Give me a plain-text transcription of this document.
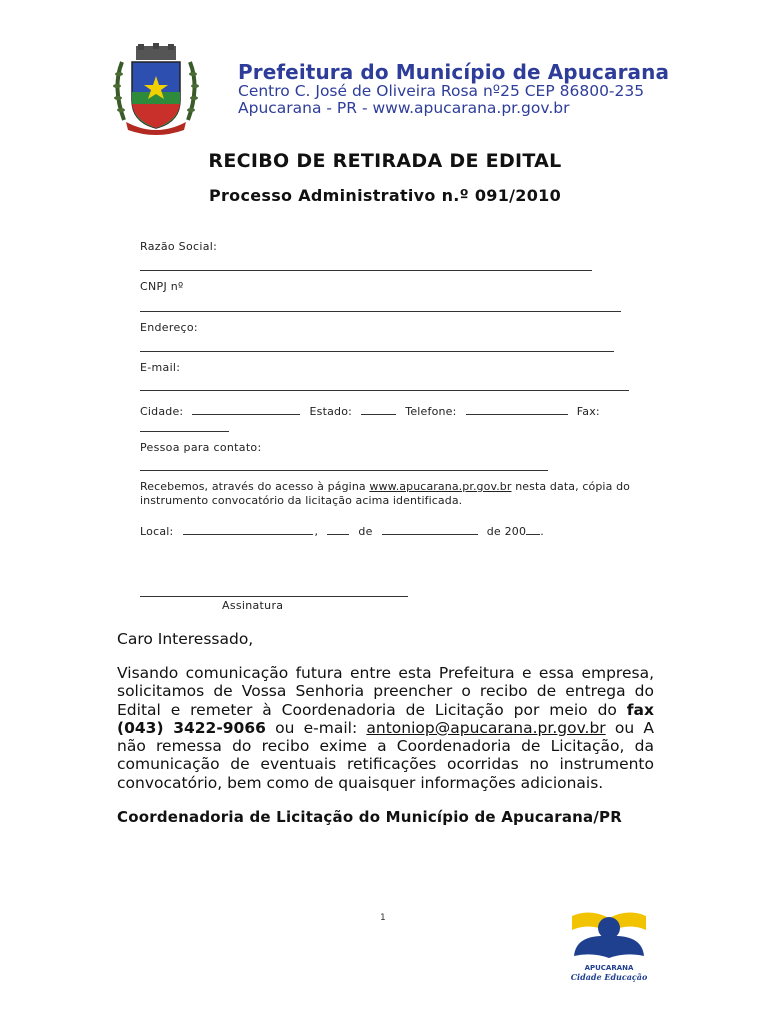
Prefeitura do Município de Apucarana
Centro C. José de Oliveira Rosa nº25 CEP 86800-235
Apucarana - PR - www.apucarana.pr.gov.br
RECIBO DE RETIRADA DE EDITAL
Processo Administrativo n.º 091/2010
Razão Social:
CNPJ nº
Endereço:
E-mail:
Cidade:	Estado:	Telefone:	Fax:
Pessoa para contato:
Recebemos, através do acesso à página www.apucarana.pr.gov.br nesta data, cópia do instrumento convocatório da licitação acima identificada.
Local:	,	de	de 200 .
Assinatura
Caro Interessado,
Visando comunicação futura entre esta Prefeitura e essa empresa, solicitamos de Vossa Senhoria preencher o recibo de entrega do Edital e remeter à Coordenadoria de Licitação por meio do fax (043) 3422-9066 ou e-mail: antoniop@apucarana.pr.gov.br ou A não remessa do recibo exime a Coordenadoria de Licitação, da comunicação de eventuais retificações ocorridas no instrumento convocatório, bem como de quaisquer informações adicionais.
Coordenadoria de Licitação do Município de Apucarana/PR
1
APUCARANA
Cidade Educação
